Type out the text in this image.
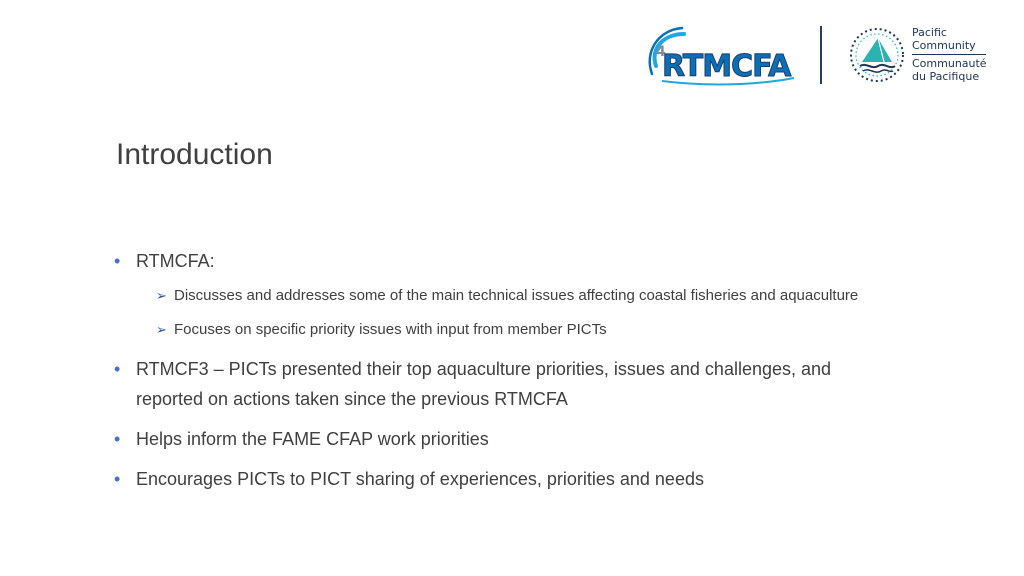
4
RTMCFA
Pacific
Community
Communauté
du Pacifique
Introduction
• RTMCFA:
➢ Discusses and addresses some of the main technical issues affecting coastal fisheries and aquaculture
➢ Focuses on specific priority issues with input from member PICTs
• RTMCF3 – PICTs presented their top aquaculture priorities, issues and challenges, and reported on actions taken since the previous RTMCFA
• Helps inform the FAME CFAP work priorities
• Encourages PICTs to PICT sharing of experiences, priorities and needs
